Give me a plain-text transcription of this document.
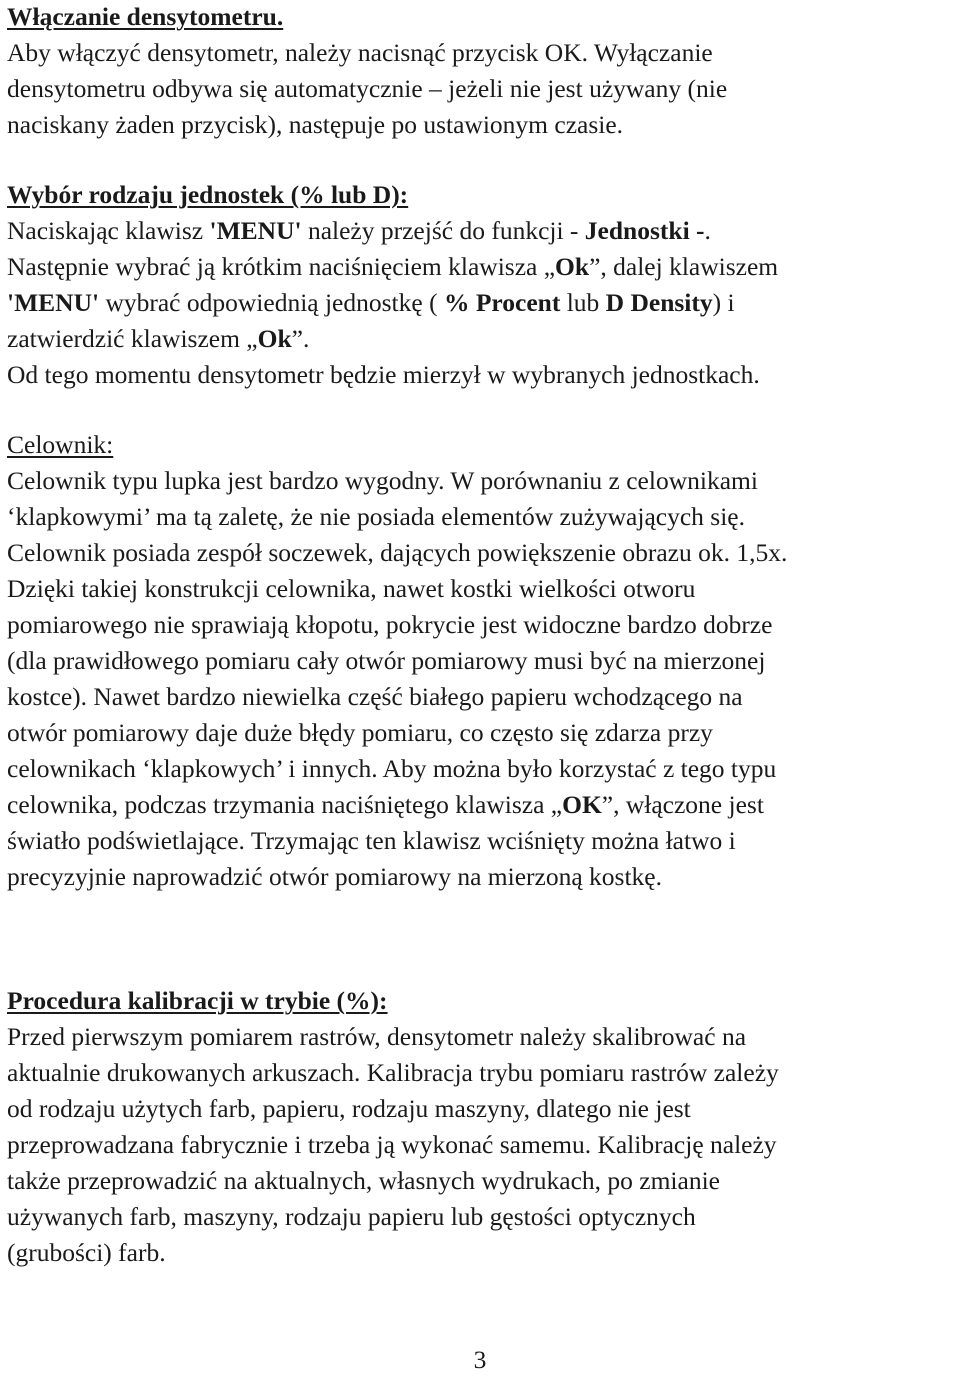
Włączanie densytometru.
Aby włączyć densytometr, należy nacisnąć przycisk OK. Wyłączanie
densytometru odbywa się automatycznie – jeżeli nie jest używany (nie
naciskany żaden przycisk), następuje po ustawionym czasie.
Wybór rodzaju jednostek (% lub D):
Naciskając klawisz 'MENU' należy przejść do funkcji - Jednostki -.
Następnie wybrać ją krótkim naciśnięciem klawisza „Ok”, dalej klawiszem
'MENU' wybrać odpowiednią jednostkę ( % Procent lub D Density) i
zatwierdzić klawiszem „Ok”.
Od tego momentu densytometr będzie mierzył w wybranych jednostkach.
Celownik:
Celownik typu lupka jest bardzo wygodny. W porównaniu z celownikami
‘klapkowymi’ ma tą zaletę, że nie posiada elementów zużywających się.
Celownik posiada zespół soczewek, dających powiększenie obrazu ok. 1,5x.
Dzięki takiej konstrukcji celownika, nawet kostki wielkości otworu
pomiarowego nie sprawiają kłopotu, pokrycie jest widoczne bardzo dobrze
(dla prawidłowego pomiaru cały otwór pomiarowy musi być na mierzonej
kostce). Nawet bardzo niewielka część białego papieru wchodzącego na
otwór pomiarowy daje duże błędy pomiaru, co często się zdarza przy
celownikach ‘klapkowych’ i innych. Aby można było korzystać z tego typu
celownika, podczas trzymania naciśniętego klawisza „OK”, włączone jest
światło podświetlające. Trzymając ten klawisz wciśnięty można łatwo i
precyzyjnie naprowadzić otwór pomiarowy na mierzoną kostkę.
Procedura kalibracji w trybie (%):
Przed pierwszym pomiarem rastrów, densytometr należy skalibrować na
aktualnie drukowanych arkuszach. Kalibracja trybu pomiaru rastrów zależy
od rodzaju użytych farb, papieru, rodzaju maszyny, dlatego nie jest
przeprowadzana fabrycznie i trzeba ją wykonać samemu. Kalibrację należy
także przeprowadzić na aktualnych, własnych wydrukach, po zmianie
używanych farb, maszyny, rodzaju papieru lub gęstości optycznych
(grubości) farb.
3
